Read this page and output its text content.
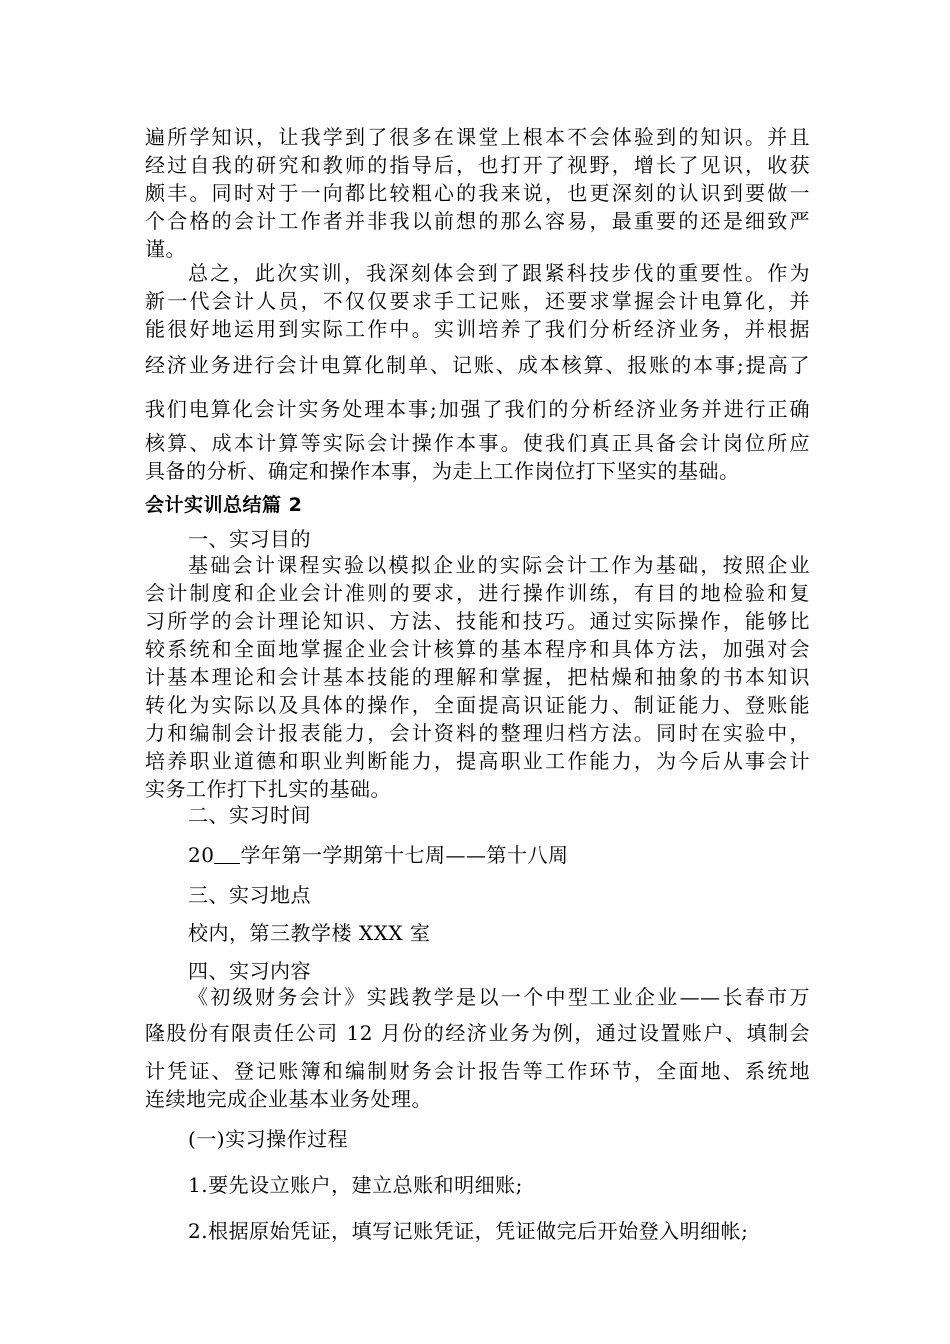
遍所学知识，让我学到了很多在课堂上根本不会体验到的知识。并且
经过自我的研究和教师的指导后，也打开了视野，增长了见识，收获
颇丰。同时对于一向都比较粗心的我来说，也更深刻的认识到要做一
个合格的会计工作者并非我以前想的那么容易，最重要的还是细致严
谨。
总之，此次实训，我深刻体会到了跟紧科技步伐的重要性。作为
新一代会计人员，不仅仅要求手工记账，还要求掌握会计电算化，并
能很好地运用到实际工作中。实训培养了我们分析经济业务，并根据
经济业务进行会计电算化制单、记账、成本核算、报账的本事;提高了
我们电算化会计实务处理本事;加强了我们的分析经济业务并进行正确
核算、成本计算等实际会计操作本事。使我们真正具备会计岗位所应
具备的分析、确定和操作本事，为走上工作岗位打下坚实的基础。
会计实训总结篇 2
一、实习目的
基础会计课程实验以模拟企业的实际会计工作为基础，按照企业
会计制度和企业会计准则的要求，进行操作训练，有目的地检验和复
习所学的会计理论知识、方法、技能和技巧。通过实际操作，能够比
较系统和全面地掌握企业会计核算的基本程序和具体方法，加强对会
计基本理论和会计基本技能的理解和掌握，把枯燥和抽象的书本知识
转化为实际以及具体的操作，全面提高识证能力、制证能力、登账能
力和编制会计报表能力，会计资料的整理归档方法。同时在实验中，
培养职业道德和职业判断能力，提高职业工作能力，为今后从事会计
实务工作打下扎实的基础。
二、实习时间
20 学年第一学期第十七周——第十八周
三、实习地点
校内，第三教学楼 XXX 室
四、实习内容
《初级财务会计》实践教学是以一个中型工业企业——长春市万
隆股份有限责任公司 12 月份的经济业务为例，通过设置账户、填制会
计凭证、登记账簿和编制财务会计报告等工作环节，全面地、系统地
连续地完成企业基本业务处理。
(一)实习操作过程
1.要先设立账户，建立总账和明细账;
2.根据原始凭证，填写记账凭证，凭证做完后开始登入明细帐;
